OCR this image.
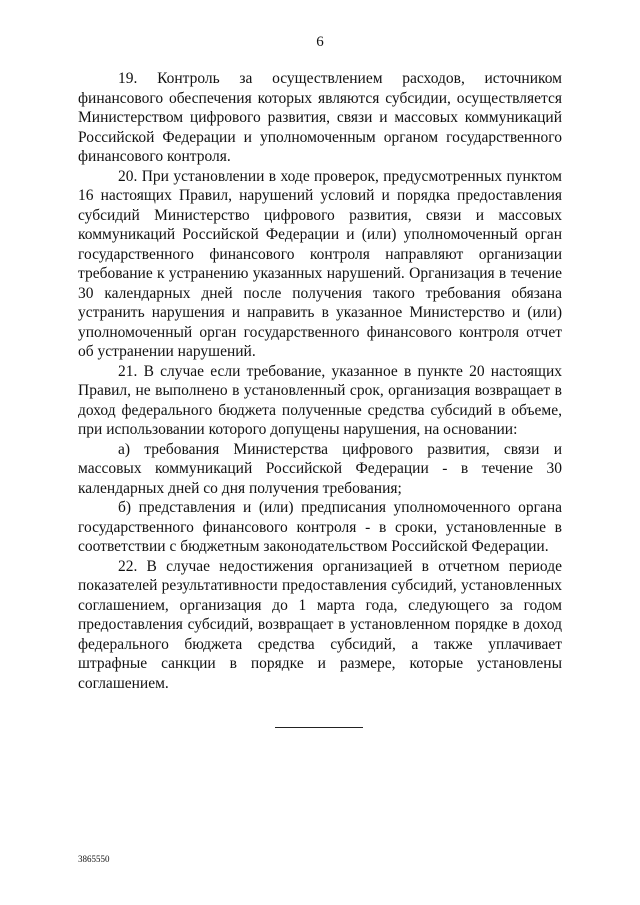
6

19. Контроль за осуществлением расходов, источником финансового обеспечения которых являются субсидии, осуществляется Министерством цифрового развития, связи и массовых коммуникаций Российской Федерации и уполномоченным органом государственного финансового контроля.

20. При установлении в ходе проверок, предусмотренных пунктом 16 настоящих Правил, нарушений условий и порядка предоставления субсидий Министерство цифрового развития, связи и массовых коммуникаций Российской Федерации и (или) уполномоченный орган государственного финансового контроля направляют организации требование к устранению указанных нарушений. Организация в течение 30 календарных дней после получения такого требования обязана устранить нарушения и направить в указанное Министерство и (или) уполномоченный орган государственного финансового контроля отчет об устранении нарушений.

21. В случае если требование, указанное в пункте 20 настоящих Правил, не выполнено в установленный срок, организация возвращает в доход федерального бюджета полученные средства субсидий в объеме, при использовании которого допущены нарушения, на основании:

а) требования Министерства цифрового развития, связи и массовых коммуникаций Российской Федерации - в течение 30 календарных дней со дня получения требования;

б) представления и (или) предписания уполномоченного органа государственного финансового контроля - в сроки, установленные в соответствии с бюджетным законодательством Российской Федерации.

22. В случае недостижения организацией в отчетном периоде показателей результативности предоставления субсидий, установленных соглашением, организация до 1 марта года, следующего за годом предоставления субсидий, возвращает в установленном порядке в доход федерального бюджета средства субсидий, а также уплачивает штрафные санкции в порядке и размере, которые установлены соглашением.

3865550
